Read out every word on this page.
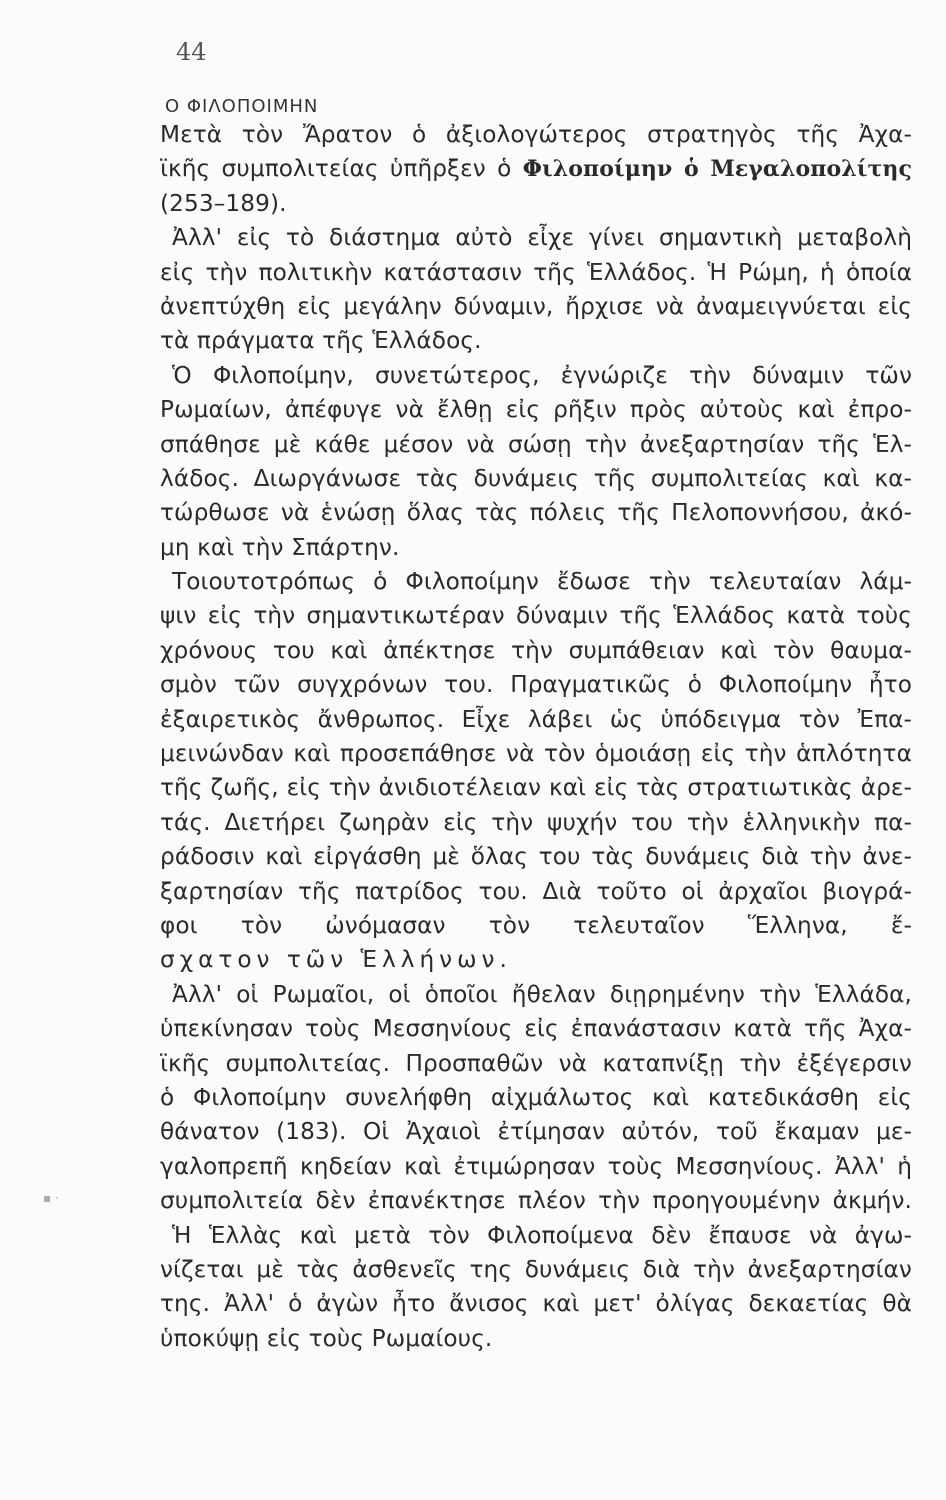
44
Ο ΦΙΛΟΠΟΙΜΗΝ
Μετὰ τὸν Ἄρατον ὁ ἀξιολογώτερος στρατηγὸς τῆς Ἀχα-
ϊκῆς συμπολιτείας ὑπῆρξεν ὁ Φιλοποίμην ὁ Μεγαλοπολίτης
(253–189).
Ἀλλ' εἰς τὸ διάστημα αὐτὸ εἶχε γίνει σημαντικὴ μεταβολὴ
εἰς τὴν πολιτικὴν κατάστασιν τῆς Ἑλλάδος. Ἡ Ρώμη, ἡ ὁποία
ἀνεπτύχθη εἰς μεγάλην δύναμιν, ἤρχισε νὰ ἀναμειγνύεται εἰς
τὰ πράγματα τῆς Ἑλλάδος.
Ὁ Φιλοποίμην, συνετώτερος, ἐγνώριζε τὴν δύναμιν τῶν
Ρωμαίων, ἀπέφυγε νὰ ἔλθῃ εἰς ρῆξιν πρὸς αὐτοὺς καὶ ἐπρο-
σπάθησε μὲ κάθε μέσον νὰ σώσῃ τὴν ἀνεξαρτησίαν τῆς Ἑλ-
λάδος. Διωργάνωσε τὰς δυνάμεις τῆς συμπολιτείας καὶ κα-
τώρθωσε νὰ ἑνώσῃ ὅλας τὰς πόλεις τῆς Πελοποννήσου, ἀκό-
μη καὶ τὴν Σπάρτην.
Τοιουτοτρόπως ὁ Φιλοποίμην ἔδωσε τὴν τελευταίαν λάμ-
ψιν εἰς τὴν σημαντικωτέραν δύναμιν τῆς Ἑλλάδος κατὰ τοὺς
χρόνους του καὶ ἀπέκτησε τὴν συμπάθειαν καὶ τὸν θαυμα-
σμὸν τῶν συγχρόνων του. Πραγματικῶς ὁ Φιλοποίμην ἦτο
ἐξαιρετικὸς ἄνθρωπος. Εἶχε λάβει ὡς ὑπόδειγμα τὸν Ἐπα-
μεινώνδαν καὶ προσεπάθησε νὰ τὸν ὁμοιάσῃ εἰς τὴν ἁπλότητα
τῆς ζωῆς, εἰς τὴν ἀνιδιοτέλειαν καὶ εἰς τὰς στρατιωτικὰς ἀρε-
τάς. Διετήρει ζωηρὰν εἰς τὴν ψυχήν του τὴν ἑλληνικὴν πα-
ράδοσιν καὶ εἰργάσθη μὲ ὅλας του τὰς δυνάμεις διὰ τὴν ἀνε-
ξαρτησίαν τῆς πατρίδος του. Διὰ τοῦτο οἱ ἀρχαῖοι βιογρά-
φοι τὸν ὠνόμασαν τὸν τελευταῖον Ἕλληνα, ἔ-
σχατον τῶν Ἑλλήνων.
Ἀλλ' οἱ Ρωμαῖοι, οἱ ὁποῖοι ἤθελαν διῃρημένην τὴν Ἑλλάδα,
ὑπεκίνησαν τοὺς Μεσσηνίους εἰς ἐπανάστασιν κατὰ τῆς Ἀχα-
ϊκῆς συμπολιτείας. Προσπαθῶν νὰ καταπνίξῃ τὴν ἐξέγερσιν
ὁ Φιλοποίμην συνελήφθη αἰχμάλωτος καὶ κατεδικάσθη εἰς
θάνατον (183). Οἱ Ἀχαιοὶ ἐτίμησαν αὐτόν, τοῦ ἔκαμαν με-
γαλοπρεπῆ κηδείαν καὶ ἐτιμώρησαν τοὺς Μεσσηνίους. Ἀλλ' ἡ
συμπολιτεία δὲν ἐπανέκτησε πλέον τὴν προηγουμένην ἀκμήν.
Ἡ Ἑλλὰς καὶ μετὰ τὸν Φιλοποίμενα δὲν ἔπαυσε νὰ ἀγω-
νίζεται μὲ τὰς ἀσθενεῖς της δυνάμεις διὰ τὴν ἀνεξαρτησίαν
της. Ἀλλ' ὁ ἀγὼν ἦτο ἄνισος καὶ μετ' ὀλίγας δεκαετίας θὰ
ὑποκύψῃ εἰς τοὺς Ρωμαίους.
▪ ·
